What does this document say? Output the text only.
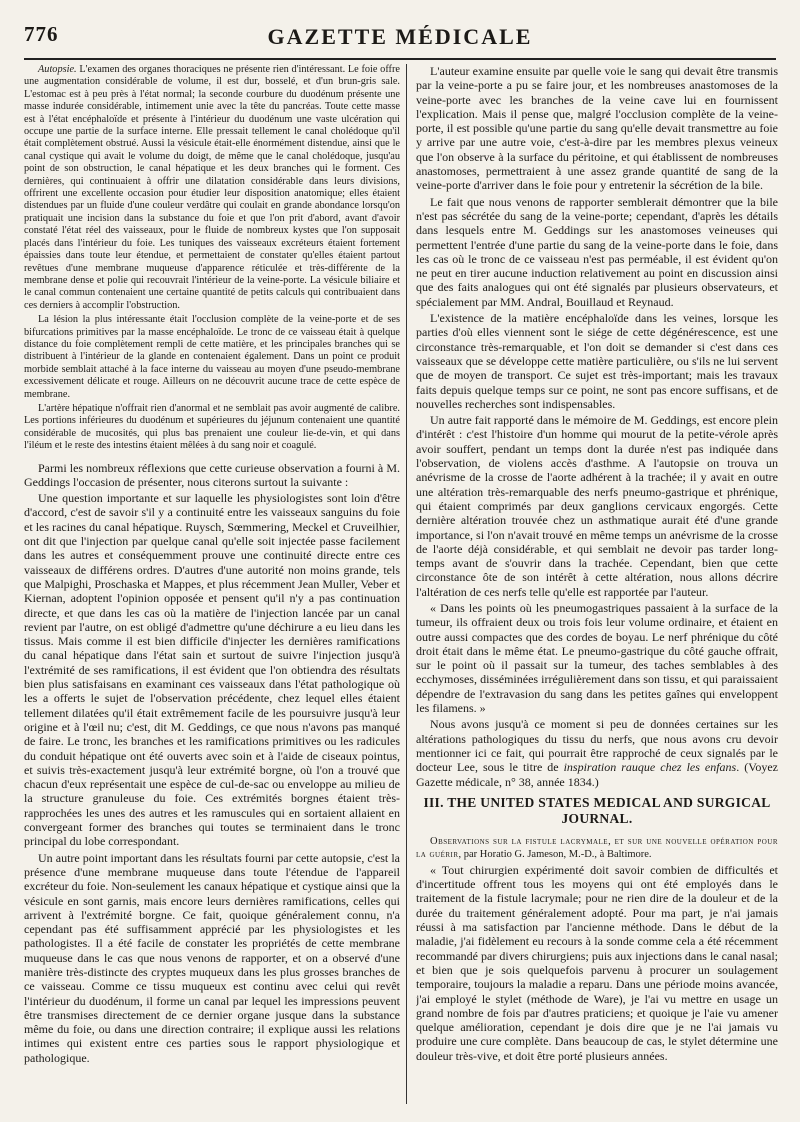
776	GAZETTE MÉDICALE

Autopsie. L'examen des organes thoraciques ne présente rien d'intéressant. Le foie offre une augmentation considérable de volume, il est dur, bosselé, et d'un brun-gris sale. L'estomac est à peu près à l'état normal; la seconde courbure du duodénum présente une masse indurée considérable, intimement unie avec la tête du pancréas. Toute cette masse est à l'état encéphaloïde et présente à l'intérieur du duodénum une vaste ulcération qui occupe une partie de la surface interne. Elle pressait tellement le canal cholédoque qu'il était complètement obstrué. Aussi la vésicule était-elle énormément distendue, ainsi que le canal cystique qui avait le volume du doigt, de même que le canal cholédoque, jusqu'au point de son obstruction, le canal hépatique et les deux branches qui le forment. Ces dernières, qui continuaient à offrir une dilatation considérable dans leurs divisions, offrirent une excellente occasion pour étudier leur disposition anatomique; elles étaient distendues par un fluide d'une couleur verdâtre qui coulait en grande abondance lorsqu'on pratiquait une incision dans la substance du foie et que l'on prit d'abord, avant d'avoir constaté l'état réel des vaisseaux, pour le fluide de nombreux kystes que l'on supposait placés dans l'intérieur du foie. Les tuniques des vaisseaux excréteurs étaient fortement épaissies dans toute leur étendue, et permettaient de constater qu'elles étaient partout revêtues d'une membrane muqueuse d'apparence réticulée et très-différente de la membrane dense et polie qui recouvrait l'intérieur de la veine-porte. La vésicule biliaire et le canal commun contenaient une certaine quantité de petits calculs qui contribuaient dans ces derniers à accomplir l'obstruction.

La lésion la plus intéressante était l'occlusion complète de la veine-porte et de ses bifurcations primitives par la masse encéphaloïde. Le tronc de ce vaisseau était à quelque distance du foie complètement rempli de cette matière, et les principales branches qui se distribuent à l'intérieur de la glande en contenaient également. Dans un point ce produit morbide semblait attaché à la face interne du vaisseau au moyen d'une pseudo-membrane excessivement délicate et rouge. Ailleurs on ne découvrit aucune trace de cette espèce de membrane.

L'artère hépatique n'offrait rien d'anormal et ne semblait pas avoir augmenté de calibre. Les portions inférieures du duodénum et supérieures du jéjunum contenaient une quantité considérable de mucosités, qui plus bas prenaient une couleur lie-de-vin, et qui dans l'iléum et le reste des intestins étaient mêlées à du sang noir et coagulé.

Parmi les nombreux réflexions que cette curieuse observation a fourni à M. Geddings l'occasion de présenter, nous citerons surtout la suivante :

Une question importante et sur laquelle les physiologistes sont loin d'être d'accord, c'est de savoir s'il y a continuité entre les vaisseaux sanguins du foie et les racines du canal hépatique. Ruysch, Sœmmering, Meckel et Cruveilhier, ont dit que l'injection par quelque canal qu'elle soit injectée passe facilement dans les autres et conséquemment prouve une continuité directe entre ces vaisseaux de différens ordres. D'autres d'une autorité non moins grande, tels que Malpighi, Proschaska et Mappes, et plus récemment Jean Muller, Veber et Kiernan, adoptent l'opinion opposée et pensent qu'il n'y a pas continuation directe, et que dans les cas où la matière de l'injection lancée par un canal revient par l'autre, on est obligé d'admettre qu'une déchirure a eu lieu dans les tissus. Mais comme il est bien difficile d'injecter les dernières ramifications du canal hépatique dans l'état sain et surtout de suivre l'injection jusqu'à l'extrémité de ses ramifications, il est évident que l'on obtiendra des résultats bien plus satisfaisans en examinant ces vaisseaux dans l'état pathologique où les a offerts le sujet de l'observation précédente, chez lequel elles étaient tellement dilatées qu'il était extrêmement facile de les poursuivre jusqu'à leur origine et à l'œil nu; c'est, dit M. Geddings, ce que nous n'avons pas manqué de faire. Le tronc, les branches et les ramifications primitives ou les radicules du conduit hépatique ont été ouverts avec soin et à l'aide de ciseaux pointus, et suivis très-exactement jusqu'à leur extrémité borgne, où l'on a trouvé que chacun d'eux représentait une espèce de cul-de-sac ou enveloppe au milieu de la structure granuleuse du foie. Ces extrémités borgnes étaient très-rapprochées les unes des autres et les ramuscules qui en sortaient allaient en convergeant former des branches qui toutes se terminaient dans le tronc principal du lobe correspondant.

Un autre point important dans les résultats fourni par cette autopsie, c'est la présence d'une membrane muqueuse dans toute l'étendue de l'appareil excréteur du foie. Non-seulement les canaux hépatique et cystique ainsi que la vésicule en sont garnis, mais encore leurs dernières ramifications, celles qui arrivent à l'extrémité borgne. Ce fait, quoique généralement connu, n'a cependant pas été suffisamment apprécié par les physiologistes et les pathologistes. Il a été facile de constater les propriétés de cette membrane muqueuse dans le cas que nous venons de rapporter, et on a observé d'une manière très-distincte des cryptes muqueux dans les plus grosses branches de ce vaisseau. Comme ce tissu muqueux est continu avec celui qui revêt l'intérieur du duodénum, il forme un canal par lequel les impressions peuvent être transmises directement de ce dernier organe jusque dans la substance même du foie, ou dans une direction contraire; il explique aussi les relations intimes qui existent entre ces parties sous le rapport physiologique et pathologique.

L'auteur examine ensuite par quelle voie le sang qui devait être transmis par la veine-porte a pu se faire jour, et les nombreuses anastomoses de la veine-porte avec les branches de la veine cave lui en fournissent l'explication. Mais il pense que, malgré l'occlusion complète de la veine-porte, il est possible qu'une partie du sang qu'elle devait transmettre au foie y arrive par une autre voie, c'est-à-dire par les membres plexus veineux que l'on observe à la surface du péritoine, et qui établissent de nombreuses anastomoses, permettraient à une assez grande quantité de sang de la veine-porte d'arriver dans le foie pour y entretenir la sécrétion de la bile.

Le fait que nous venons de rapporter semblerait démontrer que la bile n'est pas sécrétée du sang de la veine-porte; cependant, d'après les détails dans lesquels entre M. Geddings sur les anastomoses veineuses qui permettent l'entrée d'une partie du sang de la veine-porte dans le foie, dans les cas où le tronc de ce vaisseau n'est pas perméable, il est évident qu'on ne peut en tirer aucune induction relativement au point en discussion ainsi que des faits analogues qui ont été signalés par plusieurs observateurs, et spécialement par MM. Andral, Bouillaud et Reynaud.

L'existence de la matière encéphaloïde dans les veines, lorsque les parties d'où elles viennent sont le siége de cette dégénérescence, est une circonstance très-remarquable, et l'on doit se demander si c'est dans ces vaisseaux que se développe cette matière particulière, ou s'ils ne lui servent que de moyen de transport. Ce sujet est très-important; mais les travaux faits depuis quelque temps sur ce point, ne sont pas encore suffisans, et de nouvelles recherches sont indispensables.

Un autre fait rapporté dans le mémoire de M. Geddings, est encore plein d'intérêt : c'est l'histoire d'un homme qui mourut de la petite-vérole après avoir souffert, pendant un temps dont la durée n'est pas indiquée dans l'observation, de violens accès d'asthme. A l'autopsie on trouva un anévrisme de la crosse de l'aorte adhérent à la trachée; il y avait en outre une altération très-remarquable des nerfs pneumo-gastrique et phrénique, qui étaient comprimés par deux ganglions cervicaux engorgés. Cette dernière altération trouvée chez un asthmatique aurait été d'une grande importance, si l'on n'avait trouvé en même temps un anévrisme de la crosse de l'aorte déjà considérable, et qui semblait ne devoir pas tarder long-temps avant de s'ouvrir dans la trachée. Cependant, bien que cette circonstance ôte de son intérêt à cette altération, nous allons décrire l'altération de ces nerfs telle qu'elle est rapportée par l'auteur.

« Dans les points où les pneumogastriques passaient à la surface de la tumeur, ils offraient deux ou trois fois leur volume ordinaire, et étaient en outre aussi compactes que des cordes de boyau. Le nerf phrénique du côté droit était dans le même état. Le pneumo-gastrique du côté gauche offrait, sur le point où il passait sur la tumeur, des taches semblables à des ecchymoses, disséminées irrégulièrement dans son tissu, et qui paraissaient dépendre de l'extravasion du sang dans les petites gaînes qui enveloppent les filamens. »

Nous avons jusqu'à ce moment si peu de données certaines sur les altérations pathologiques du tissu du nerfs, que nous avons cru devoir mentionner ici ce fait, qui pourrait être rapproché de ceux signalés par le docteur Lee, sous le titre de inspiration rauque chez les enfans. (Voyez Gazette médicale, n° 38, année 1834.)

III. THE UNITED STATES MEDICAL AND SURGICAL JOURNAL.

Observations sur la fistule lacrymale, et sur une nouvelle opération pour la guérir, par Horatio G. Jameson, M.-D., à Baltimore.

« Tout chirurgien expérimenté doit savoir combien de difficultés et d'incertitude offrent tous les moyens qui ont été employés dans le traitement de la fistule lacrymale; pour ne rien dire de la douleur et de la durée du traitement généralement adopté. Pour ma part, je n'ai jamais réussi à ma satisfaction par l'ancienne méthode. Dans le début de la maladie, j'ai fidèlement eu recours à la sonde comme cela a été récemment recommandé par divers chirurgiens; puis aux injections dans le canal nasal; et bien que je sois quelquefois parvenu à procurer un soulagement temporaire, toujours la maladie a reparu. Dans une période moins avancée, j'ai employé le stylet (méthode de Ware), je l'ai vu mettre en usage un grand nombre de fois par d'autres praticiens; et quoique je l'aie vu amener quelque amélioration, cependant je dois dire que je ne l'ai jamais vu produire une cure complète. Dans beaucoup de cas, le stylet détermine une douleur très-vive, et doit être porté plusieurs années.
